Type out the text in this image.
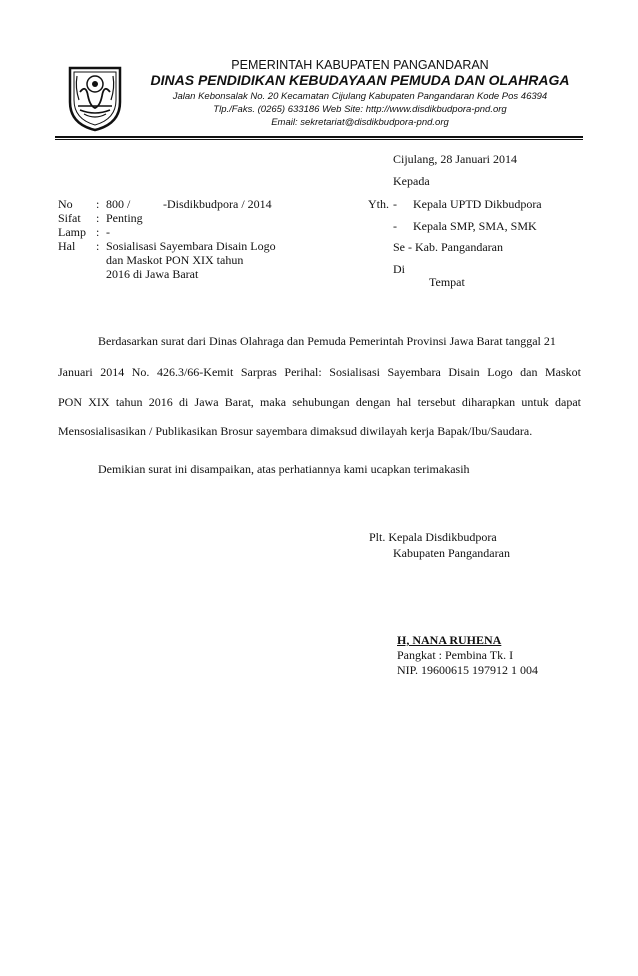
PEMERINTAH KABUPATEN PANGANDARAN
DINAS PENDIDIKAN KEBUDAYAAN PEMUDA DAN OLAHRAGA
Jalan Kebonsalak No. 20 Kecamatan Cijulang Kabupaten Pangandaran Kode Pos 46394
Tlp./Faks. (0265) 633186 Web Site: http://www.disdikbudpora-pnd.org
Email: sekretariat@disdikbudpora-pnd.org
Cijulang, 28 Januari 2014
Kepada
Yth. - Kepala UPTD Dikbudpora
- Kepala SMP, SMA, SMK
Se - Kab. Pangandaran
Di
Tempat
No : 800 /	-Disdikbudpora / 2014
Sifat : Penting
Lamp : -
Hal : Sosialisasi Sayembara Disain Logo
dan Maskot PON XIX tahun
2016 di Jawa Barat
Berdasarkan surat dari Dinas Olahraga dan Pemuda Pemerintah Provinsi Jawa Barat tanggal 21
Januari 2014 No. 426.3/66-Kemit Sarpras Perihal: Sosialisasi Sayembara Disain Logo dan Maskot
PON XIX tahun 2016 di Jawa Barat, maka sehubungan dengan hal tersebut diharapkan untuk dapat
Mensosialisasikan / Publikasikan Brosur sayembara dimaksud diwilayah kerja Bapak/Ibu/Saudara.
Demikian surat ini disampaikan, atas perhatiannya kami ucapkan terimakasih
Plt. Kepala Disdikbudpora
Kabupaten Pangandaran
H, NANA RUHENA
Pangkat : Pembina Tk. I
NIP. 19600615 197912 1 004
